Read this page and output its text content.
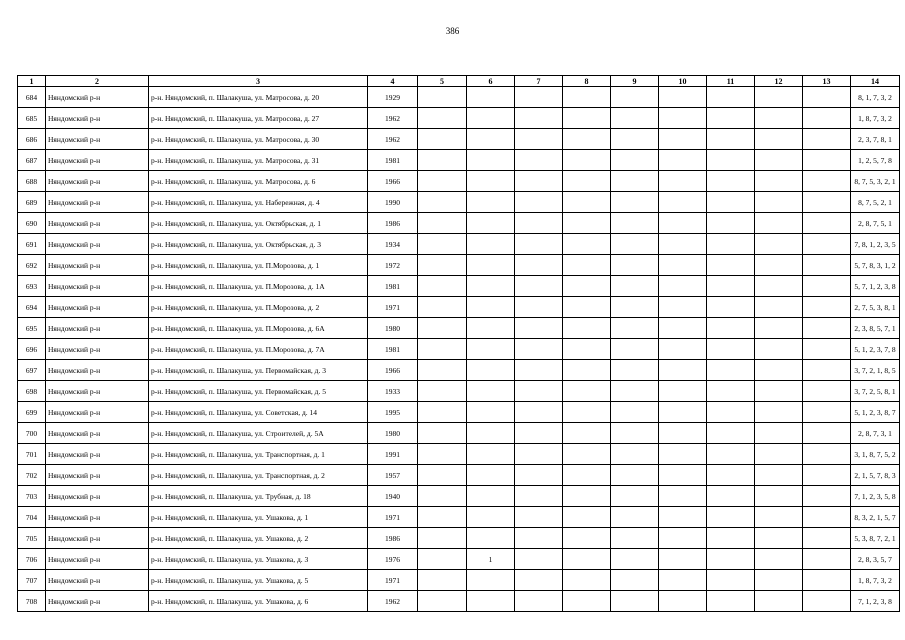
386
1	2	3	4	5	6	7	8	9	10	11	12	13	14
684	Няндомский р-н	р-н. Няндомский, п. Шалакуша, ул. Матросова, д. 20	1929										8, 1, 7, 3, 2
685	Няндомский р-н	р-н. Няндомский, п. Шалакуша, ул. Матросова, д. 27	1962										1, 8, 7, 3, 2
686	Няндомский р-н	р-н. Няндомский, п. Шалакуша, ул. Матросова, д. 30	1962										2, 3, 7, 8, 1
687	Няндомский р-н	р-н. Няндомский, п. Шалакуша, ул. Матросова, д. 31	1981										1, 2, 5, 7, 8
688	Няндомский р-н	р-н. Няндомский, п. Шалакуша, ул. Матросова, д. 6	1966										8, 7, 5, 3, 2, 1
689	Няндомский р-н	р-н. Няндомский, п. Шалакуша, ул. Набережная, д. 4	1990										8, 7, 5, 2, 1
690	Няндомский р-н	р-н. Няндомский, п. Шалакуша, ул. Октябрьская, д. 1	1986										2, 8, 7, 5, 1
691	Няндомский р-н	р-н. Няндомский, п. Шалакуша, ул. Октябрьская, д. 3	1934										7, 8, 1, 2, 3, 5
692	Няндомский р-н	р-н. Няндомский, п. Шалакуша, ул. П.Морозова, д. 1	1972										5, 7, 8, 3, 1, 2
693	Няндомский р-н	р-н. Няндомский, п. Шалакуша, ул. П.Морозова, д. 1А	1981										5, 7, 1, 2, 3, 8
694	Няндомский р-н	р-н. Няндомский, п. Шалакуша, ул. П.Морозова, д. 2	1971										2, 7, 5, 3, 8, 1
695	Няндомский р-н	р-н. Няндомский, п. Шалакуша, ул. П.Морозова, д. 6А	1980										2, 3, 8, 5, 7, 1
696	Няндомский р-н	р-н. Няндомский, п. Шалакуша, ул. П.Морозова, д. 7А	1981										5, 1, 2, 3, 7, 8
697	Няндомский р-н	р-н. Няндомский, п. Шалакуша, ул. Первомайская, д. 3	1966										3, 7, 2, 1, 8, 5
698	Няндомский р-н	р-н. Няндомский, п. Шалакуша, ул. Первомайская, д. 5	1933										3, 7, 2, 5, 8, 1
699	Няндомский р-н	р-н. Няндомский, п. Шалакуша, ул. Советская, д. 14	1995										5, 1, 2, 3, 8, 7
700	Няндомский р-н	р-н. Няндомский, п. Шалакуша, ул. Строителей, д. 5А	1980										2, 8, 7, 3, 1
701	Няндомский р-н	р-н. Няндомский, п. Шалакуша, ул. Транспортная, д. 1	1991										3, 1, 8, 7, 5, 2
702	Няндомский р-н	р-н. Няндомский, п. Шалакуша, ул. Транспортная, д. 2	1957										2, 1, 5, 7, 8, 3
703	Няндомский р-н	р-н. Няндомский, п. Шалакуша, ул. Трубная, д. 18	1940										7, 1, 2, 3, 5, 8
704	Няндомский р-н	р-н. Няндомский, п. Шалакуша, ул. Ушакова, д. 1	1971										8, 3, 2, 1, 5, 7
705	Няндомский р-н	р-н. Няндомский, п. Шалакуша, ул. Ушакова, д. 2	1986										5, 3, 8, 7, 2, 1
706	Няндомский р-н	р-н. Няндомский, п. Шалакуша, ул. Ушакова, д. 3	1976		1								2, 8, 3, 5, 7
707	Няндомский р-н	р-н. Няндомский, п. Шалакуша, ул. Ушакова, д. 5	1971										1, 8, 7, 3, 2
708	Няндомский р-н	р-н. Няндомский, п. Шалакуша, ул. Ушакова, д. 6	1962										7, 1, 2, 3, 8
